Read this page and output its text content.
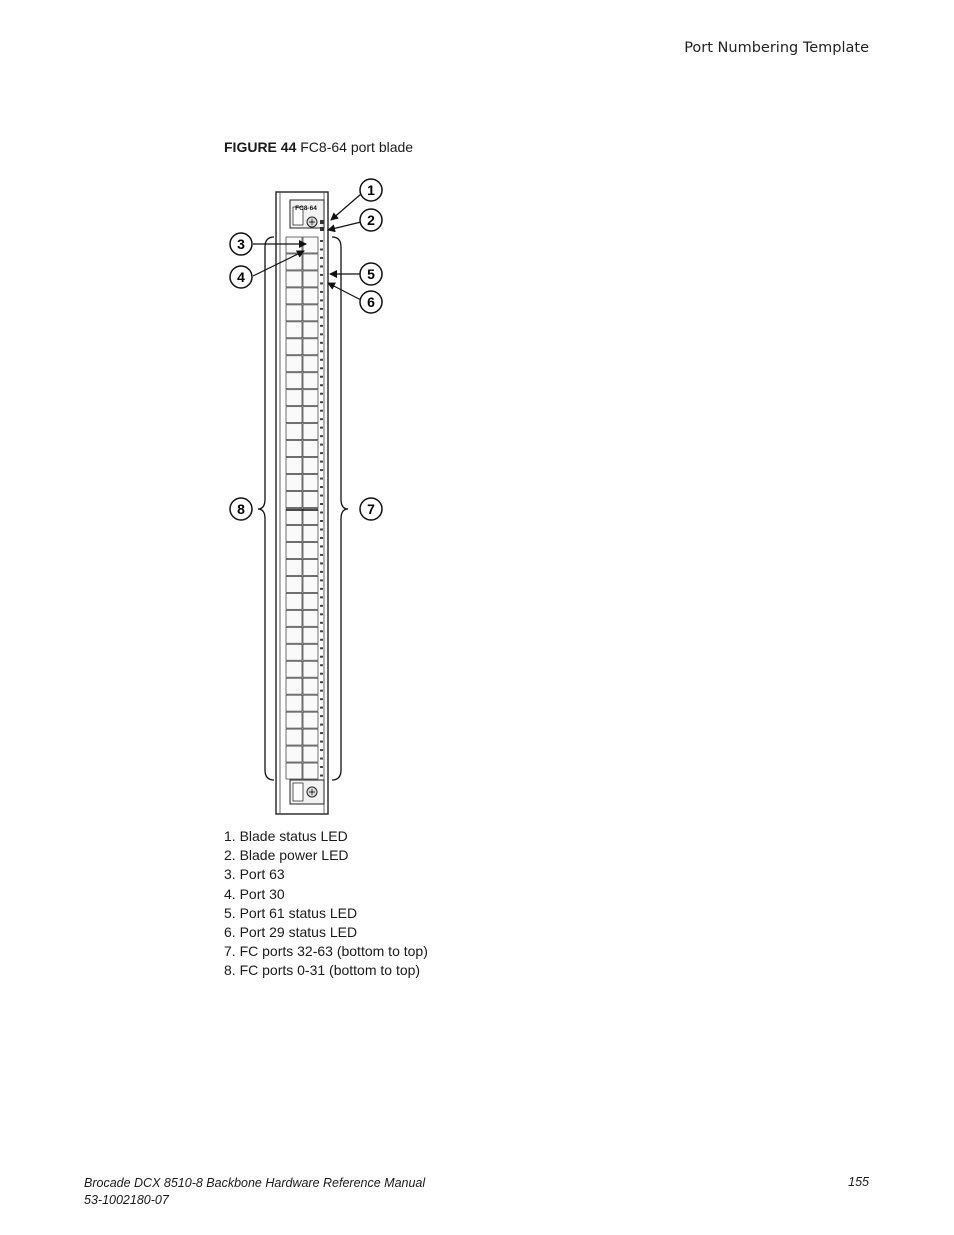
Port Numbering Template
FIGURE 44 FC8-64 port blade
FC8-64
1
2
3
4	5
6
7
8
1. Blade status LED
2. Blade power LED
3. Port 63
4. Port 30
5. Port 61 status LED
6. Port 29 status LED
7. FC ports 32-63 (bottom to top)
8. FC ports 0-31 (bottom to top)
Brocade DCX 8510-8 Backbone Hardware Reference Manual
53-1002180-07
155
